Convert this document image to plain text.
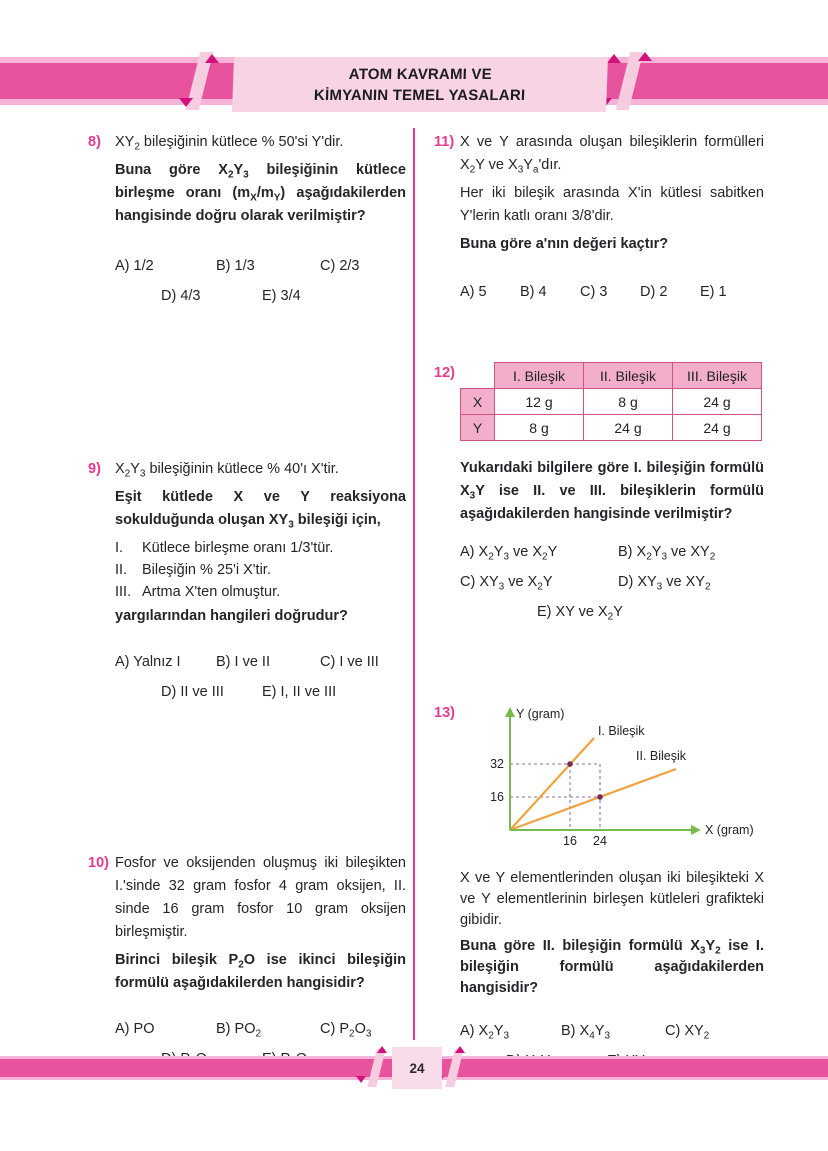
ATOM KAVRAMI VE
KİMYANIN TEMEL YASALARI
8) $XY_2$ bileşiğinin kütlece % 50'si Y'dir.

Buna göre $X_2Y_3$ bileşiğinin kütlece birleşme oranı $(m_X/m_Y)$ aşağıdakilerden hangisinde doğru olarak verilmiştir?

A) 1/2	B) 1/3	C) 2/3
D) 4/3	E) 3/4
9) $X_2Y_3$ bileşiğinin kütlece % 40'ı X'tir.

Eşit kütlede X ve Y reaksiyona sokulduğunda oluşan $XY_3$ bileşiği için,

I.	Kütlece birleşme oranı 1/3'tür.
II.	Bileşiğin % 25'i X'tir.
III. Artma X'ten olmuştur.

yargılarından hangileri doğrudur?

A) Yalnız I	B) I ve II	C) I ve III
D) II ve III	E) I, II ve III
10) Fosfor ve oksijenden oluşmuş iki bileşikten I.'sinde 32 gram fosfor 4 gram oksijen, II. sinde 16 gram fosfor 10 gram oksijen birleşmiştir.

Birinci bileşik $P_2O$ ise ikinci bileşiğin formülü aşağıdakilerden hangisidir?

A) PO	B) $PO_2$	C) $P_2O_3$
11) X ve Y arasında oluşan bileşiklerin formülleri $X_2Y$ ve $X_3Y_a'dır$.

Her iki bileşik arasında X'in kütlesi sabitken Y'lerin katlı oranı 3/8'dir.

Buna göre a'nın değeri kaçtır?

A) 5	B) 4	C) 3	D) 2	E) 1
12)
		I. Bileşik	II. Bileşik	III. Bileşik
X	12 g	8 g	24 g
Y	8 g	24 g	24 g

Yukarıdaki bilgilere göre I. bileşiğin formülü $X_3Y$ ise II. ve III. bileşiklerin formülü aşağıdakilerden hangisinde verilmiştir?

A) $X_2Y_3$ ve $X_2Y$	B) $X_2Y_3$ ve $XY_2$
C) $XY_3$ ve $X_2Y$	D) $XY_3$ ve $XY_2$
E) XY ve $X_2Y$
13)	Y (gram)
X (gram)
I. Bileşik
II. Bileşik
32
16
16 24

X ve Y elementlerinden oluşan iki bileşikteki X ve Y elementlerinin birleşen kütleleri grafikteki gibidir.

Buna göre II. bileşiğin formülü $X_3Y_2$ ise I. bileşiğin formülü aşağıdakilerden hangisidir?

A) $X_2Y_3$	B) $X_4Y_3$	C) $XY_2$
24
